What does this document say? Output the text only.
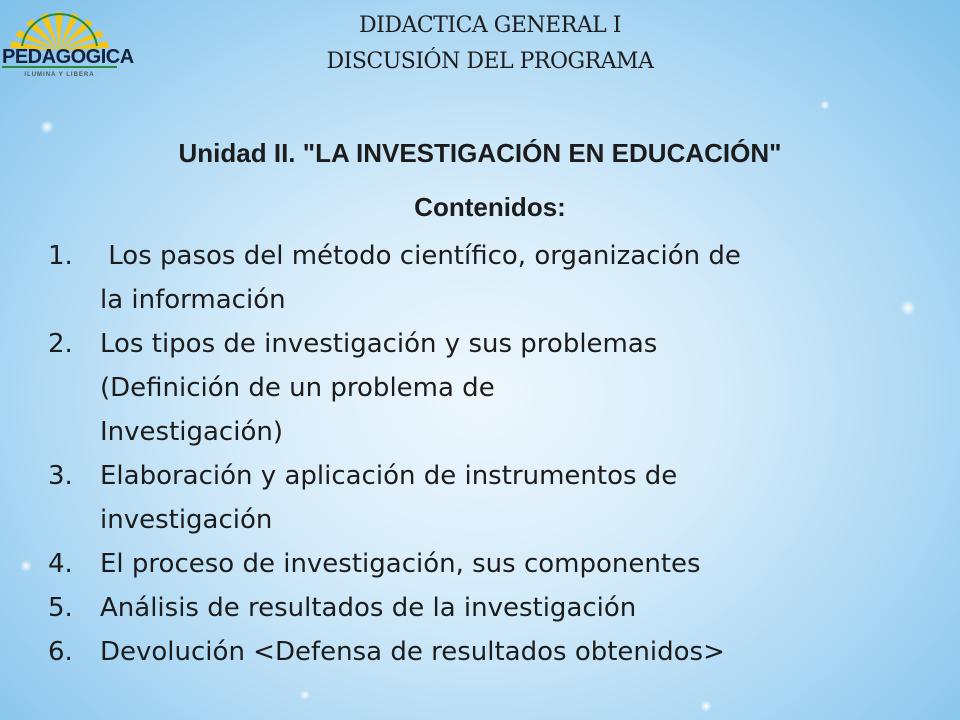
PEDAGOGICA
ILUMINA Y LIBERA
DIDACTICA GENERAL I
DISCUSIÓN DEL PROGRAMA
Unidad II. "LA INVESTIGACIÓN EN EDUCACIÓN"
Contenidos:
1. Los pasos del método científico, organización de
la información
2. Los tipos de investigación y sus problemas
(Definición de un problema de
Investigación)
3. Elaboración y aplicación de instrumentos de
investigación
4. El proceso de investigación, sus componentes
5. Análisis de resultados de la investigación
6. Devolución <Defensa de resultados obtenidos>
